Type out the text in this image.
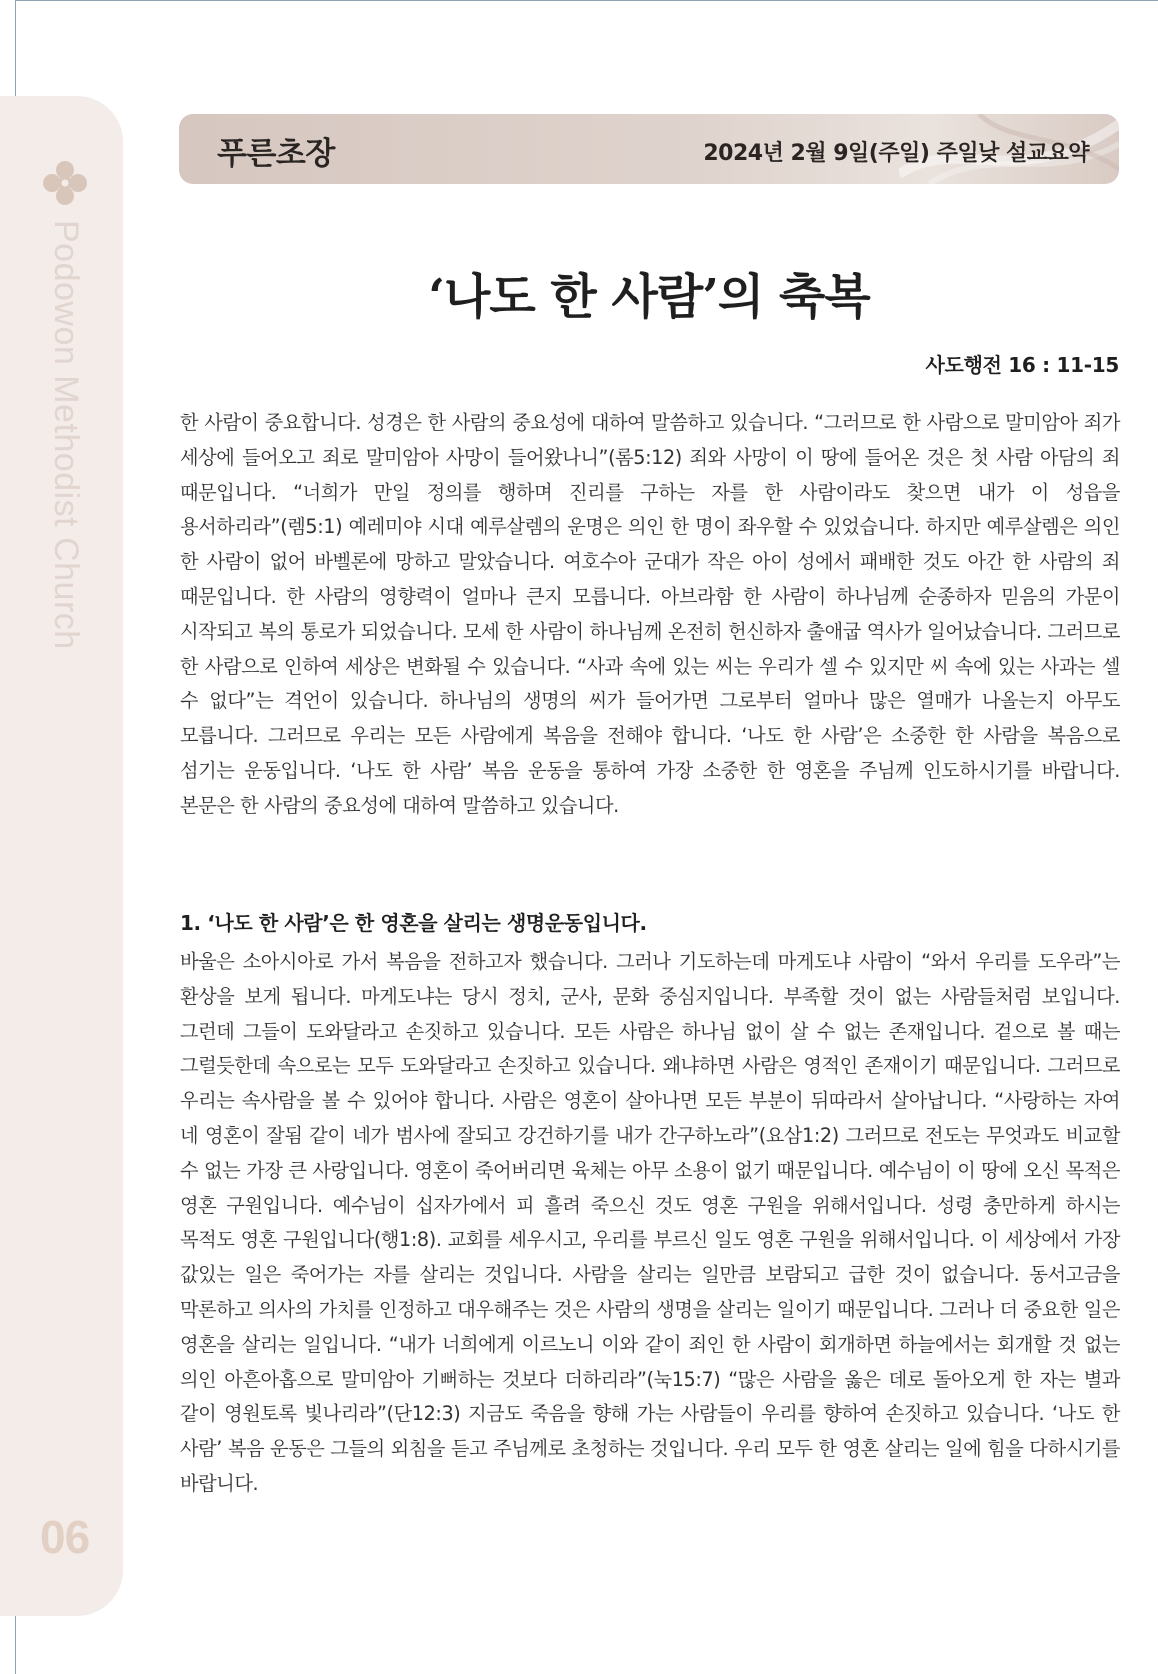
Podowon Methodist Church
06
푸른초장	2024년 2월 9일(주일) 주일낮 설교요약
‘나도 한 사람’의 축복
사도행전 16 : 11-15

한 사람이 중요합니다. 성경은 한 사람의 중요성에 대하여 말씀하고 있습니다. “그러므로 한 사람으로 말미암아 죄가 세상에 들어오고 죄로 말미암아 사망이 들어왔나니”(롬5:12) 죄와 사망이 이 땅에 들어온 것은 첫 사람 아담의 죄 때문입니다. “너희가 만일 정의를 행하며 진리를 구하는 자를 한 사람이라도 찾으면 내가 이 성읍을 용서하리라”(렘5:1) 예레미야 시대 예루살렘의 운명은 의인 한 명이 좌우할 수 있었습니다. 하지만 예루살렘은 의인 한 사람이 없어 바벨론에 망하고 말았습니다. 여호수아 군대가 작은 아이 성에서 패배한 것도 아간 한 사람의 죄 때문입니다. 한 사람의 영향력이 얼마나 큰지 모릅니다. 아브라함 한 사람이 하나님께 순종하자 믿음의 가문이 시작되고 복의 통로가 되었습니다. 모세 한 사람이 하나님께 온전히 헌신하자 출애굽 역사가 일어났습니다. 그러므로 한 사람으로 인하여 세상은 변화될 수 있습니다. “사과 속에 있는 씨는 우리가 셀 수 있지만 씨 속에 있는 사과는 셀 수 없다”는 격언이 있습니다. 하나님의 생명의 씨가 들어가면 그로부터 얼마나 많은 열매가 나올는지 아무도 모릅니다. 그러므로 우리는 모든 사람에게 복음을 전해야 합니다. ‘나도 한 사람’은 소중한 한 사람을 복음으로 섬기는 운동입니다. ‘나도 한 사람’ 복음 운동을 통하여 가장 소중한 한 영혼을 주님께 인도하시기를 바랍니다. 본문은 한 사람의 중요성에 대하여 말씀하고 있습니다.

1. ‘나도 한 사람’은 한 영혼을 살리는 생명운동입니다.

바울은 소아시아로 가서 복음을 전하고자 했습니다. 그러나 기도하는데 마게도냐 사람이 “와서 우리를 도우라”는 환상을 보게 됩니다. 마게도냐는 당시 정치, 군사, 문화 중심지입니다. 부족할 것이 없는 사람들처럼 보입니다. 그런데 그들이 도와달라고 손짓하고 있습니다. 모든 사람은 하나님 없이 살 수 없는 존재입니다. 겉으로 볼 때는 그럴듯한데 속으로는 모두 도와달라고 손짓하고 있습니다. 왜냐하면 사람은 영적인 존재이기 때문입니다. 그러므로 우리는 속사람을 볼 수 있어야 합니다. 사람은 영혼이 살아나면 모든 부분이 뒤따라서 살아납니다. “사랑하는 자여 네 영혼이 잘됨 같이 네가 범사에 잘되고 강건하기를 내가 간구하노라”(요삼1:2) 그러므로 전도는 무엇과도 비교할 수 없는 가장 큰 사랑입니다. 영혼이 죽어버리면 육체는 아무 소용이 없기 때문입니다. 예수님이 이 땅에 오신 목적은 영혼 구원입니다. 예수님이 십자가에서 피 흘려 죽으신 것도 영혼 구원을 위해서입니다. 성령 충만하게 하시는 목적도 영혼 구원입니다(행1:8). 교회를 세우시고, 우리를 부르신 일도 영혼 구원을 위해서입니다. 이 세상에서 가장 값있는 일은 죽어가는 자를 살리는 것입니다. 사람을 살리는 일만큼 보람되고 급한 것이 없습니다. 동서고금을 막론하고 의사의 가치를 인정하고 대우해주는 것은 사람의 생명을 살리는 일이기 때문입니다. 그러나 더 중요한 일은 영혼을 살리는 일입니다. “내가 너희에게 이르노니 이와 같이 죄인 한 사람이 회개하면 하늘에서는 회개할 것 없는 의인 아흔아홉으로 말미암아 기뻐하는 것보다 더하리라”(눅15:7) “많은 사람을 옳은 데로 돌아오게 한 자는 별과 같이 영원토록 빛나리라”(단12:3) 지금도 죽음을 향해 가는 사람들이 우리를 향하여 손짓하고 있습니다. ‘나도 한 사람’ 복음 운동은 그들의 외침을 듣고 주님께로 초청하는 것입니다. 우리 모두 한 영혼 살리는 일에 힘을 다하시기를 바랍니다.
